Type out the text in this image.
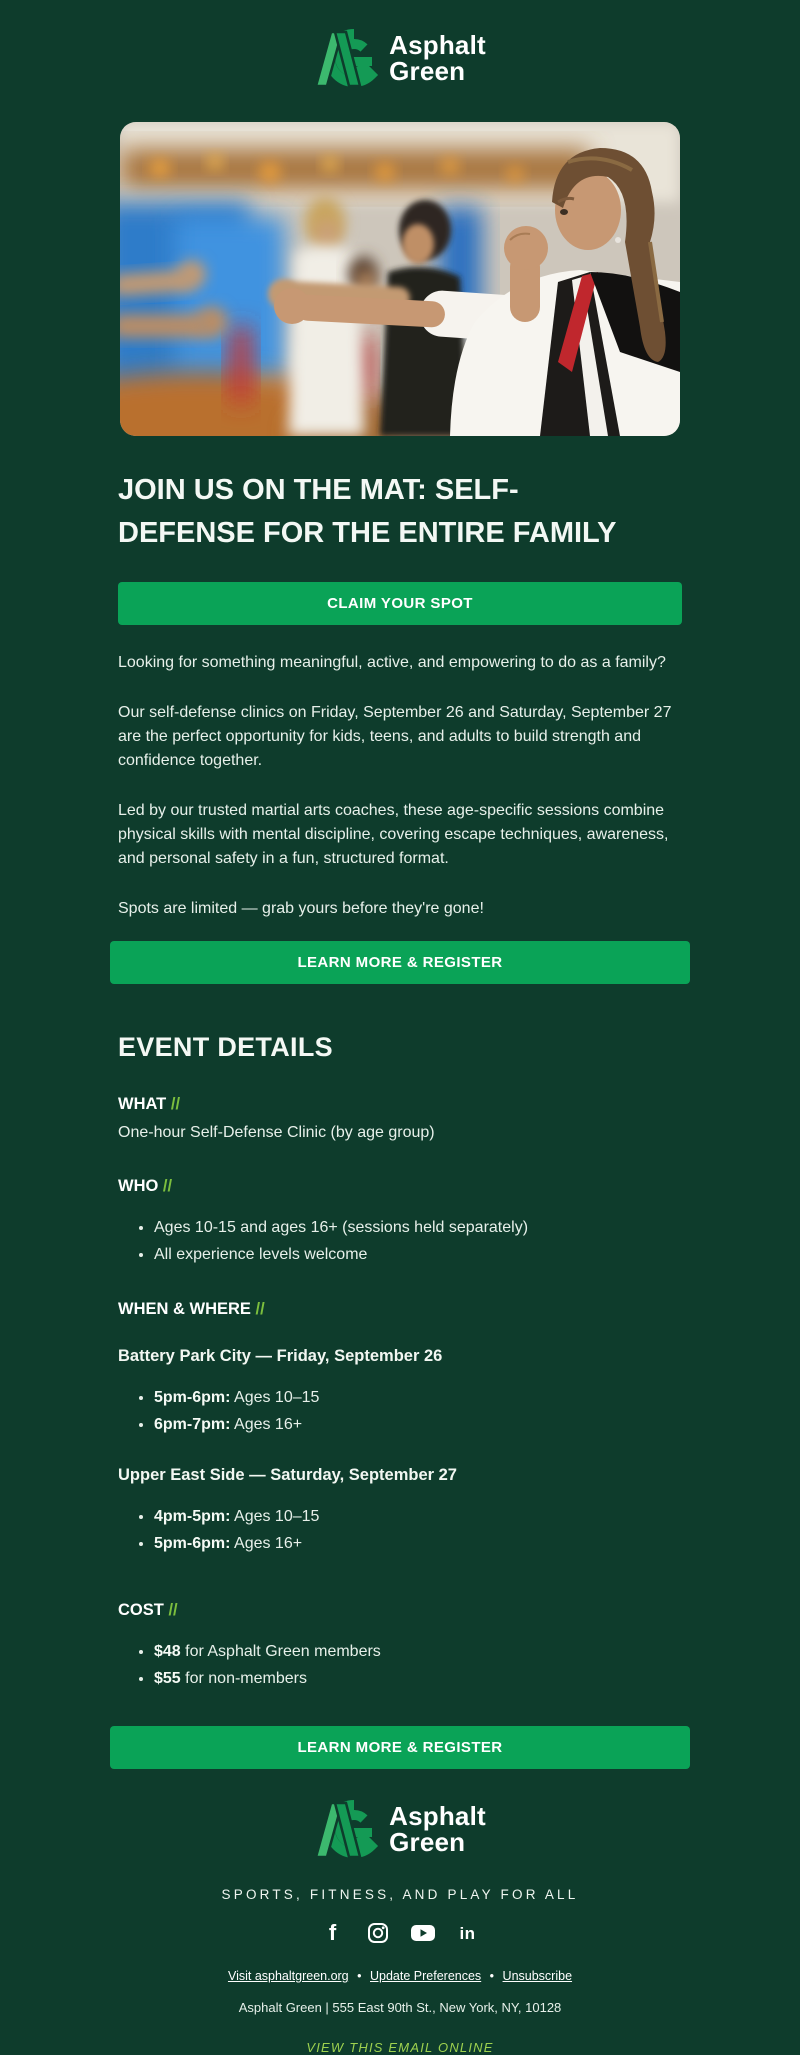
Asphalt
Green
JOIN US ON THE MAT: SELF-DEFENSE FOR THE ENTIRE FAMILY
CLAIM YOUR SPOT

Looking for something meaningful, active, and empowering to do as a family?

Our self-defense clinics on Friday, September 26 and Saturday, September 27 are the perfect opportunity for kids, teens, and adults to build strength and confidence together.

Led by our trusted martial arts coaches, these age-specific sessions combine physical skills with mental discipline, covering escape techniques, awareness, and personal safety in a fun, structured format.

Spots are limited — grab yours before they're gone!

LEARN MORE & REGISTER
EVENT DETAILS
WHAT //
One-hour Self-Defense Clinic (by age group)
WHO //
• Ages 10-15 and ages 16+ (sessions held separately)
• All experience levels welcome
WHEN & WHERE //
Battery Park City — Friday, September 26
• 5pm-6pm: Ages 10–15
• 6pm-7pm: Ages 16+
Upper East Side — Saturday, September 27
• 4pm-5pm: Ages 10–15
• 5pm-6pm: Ages 16+
COST //
• $48 for Asphalt Green members
• $55 for non-members
LEARN MORE & REGISTER
Asphalt
Green
SPORTS, FITNESS, AND PLAY FOR ALL
f	in
Visit asphaltgreen.org • Update Preferences • Unsubscribe
Asphalt Green | 555 East 90th St., New York, NY, 10128
VIEW THIS EMAIL ONLINE
